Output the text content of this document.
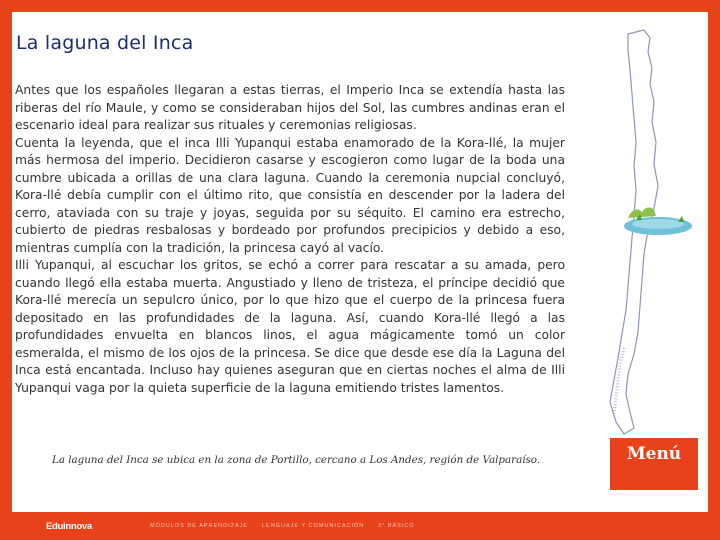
La laguna del Inca

Antes que los españoles llegaran a estas tierras, el Imperio Inca se extendía hasta las riberas del río Maule, y como se consideraban hijos del Sol, las cumbres andinas eran el escenario ideal para realizar sus rituales y ceremonias religiosas.

Cuenta la leyenda, que el inca Illi Yupanqui estaba enamorado de la Kora-llé, la mujer más hermosa del imperio. Decidieron casarse y escogieron como lugar de la boda una cumbre ubicada a orillas de una clara laguna. Cuando la ceremonia nupcial concluyó, Kora-llé debía cumplir con el último rito, que consistía en descender por la ladera del cerro, ataviada con su traje y joyas, seguida por su séquito. El camino era estrecho, cubierto de piedras resbalosas y bordeado por profundos precipicios y debido a eso, mientras cumplía con la tradición, la princesa cayó al vacío.

Illi Yupanqui, al escuchar los gritos, se echó a correr para rescatar a su amada, pero cuando llegó ella estaba muerta. Angustiado y lleno de tristeza, el príncipe decidió que Kora-llé merecía un sepulcro único, por lo que hizo que el cuerpo de la princesa fuera depositado en las profundidades de la laguna. Así, cuando Kora-llé llegó a las profundidades envuelta en blancos linos, el agua mágicamente tomó un color esmeralda, el mismo de los ojos de la princesa. Se dice que desde ese día la Laguna del Inca está encantada. Incluso hay quienes aseguran que en ciertas noches el alma de Illi Yupanqui vaga por la quieta superficie de la laguna emitiendo tristes lamentos.

La laguna del Inca se ubica en la zona de Portillo, cercano a Los Andes, región de Valparaíso.	Menú
Eduinnova	MÓDULOS DE APRENDIZAJE	LENGUAJE Y COMUNICACIÓN 3° BÁSICO
